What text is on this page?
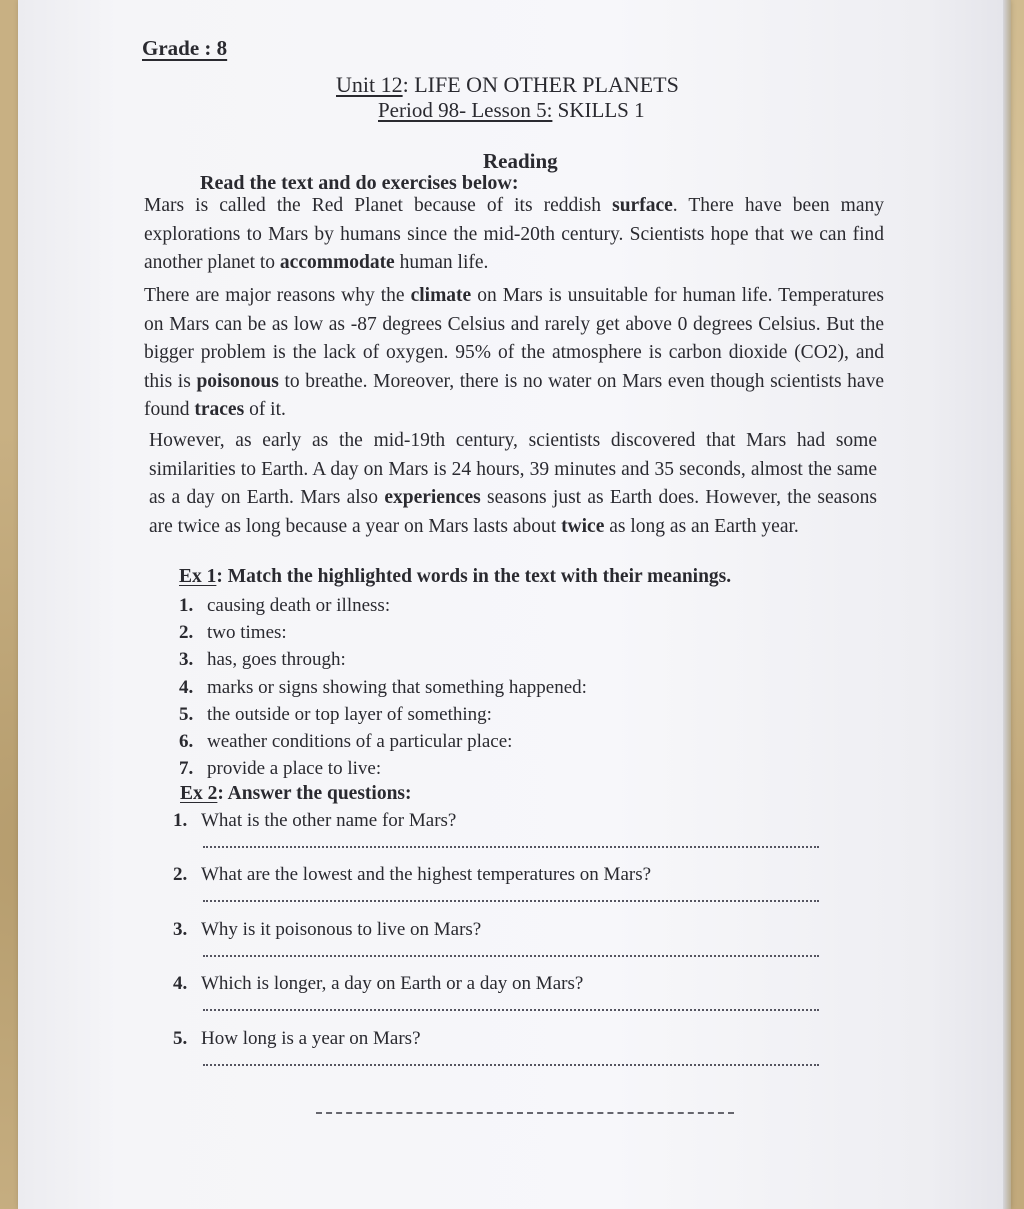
Grade : 8
Unit 12: LIFE ON OTHER PLANETS
Period 98- Lesson 5: SKILLS 1
Reading
Read the text and do exercises below:
Mars is called the Red Planet because of its reddish surface. There have been many explorations to Mars by humans since the mid-20th century. Scientists hope that we can find another planet to accommodate human life.
There are major reasons why the climate on Mars is unsuitable for human life. Temperatures on Mars can be as low as -87 degrees Celsius and rarely get above 0 degrees Celsius. But the bigger problem is the lack of oxygen. 95% of the atmosphere is carbon dioxide (CO2), and this is poisonous to breathe. Moreover, there is no water on Mars even though scientists have found traces of it.
However, as early as the mid-19th century, scientists discovered that Mars had some similarities to Earth. A day on Mars is 24 hours, 39 minutes and 35 seconds, almost the same as a day on Earth. Mars also experiences seasons just as Earth does. However, the seasons are twice as long because a year on Mars lasts about twice as long as an Earth year.
Ex 1: Match the highlighted words in the text with their meanings.
1. causing death or illness:
2. two times:
3. has, goes through:
4. marks or signs showing that something happened:
5. the outside or top layer of something:
6. weather conditions of a particular place:
7. provide a place to live:
Ex 2: Answer the questions:
1. What is the other name for Mars?
2. What are the lowest and the highest temperatures on Mars?
3. Why is it poisonous to live on Mars?
4. Which is longer, a day on Earth or a day on Mars?
5. How long is a year on Mars?
